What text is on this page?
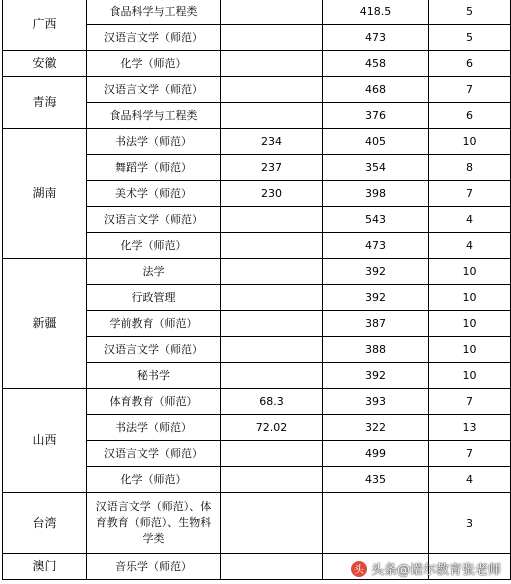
广西	食品科学与工程类		418.5	5
	汉语言文学（师范）		473	5
安徽	化学（师范）		458	6
青海	汉语言文学（师范）		468	7
	食品科学与工程类		376	6
湖南	书法学（师范）	234	405	10
	舞蹈学（师范）	237	354	8
	美术学（师范）	230	398	7
	汉语言文学（师范）		543	4
	化学（师范）		473	4
新疆	法学		392	10
	行政管理		392	10
	学前教育（师范）		387	10
	汉语言文学（师范）		388	10
	秘书学		392	10
山西	体育教育（师范）	68.3	393	7
	书法学（师范）	72.02	322	13
	汉语言文学（师范）		499	7
	化学（师范）		435	4
台湾	汉语言文学（师范）、体育教育（师范）、生物科学类			3
澳门	音乐学（师范）				头 头条@诺尔教育张老师
